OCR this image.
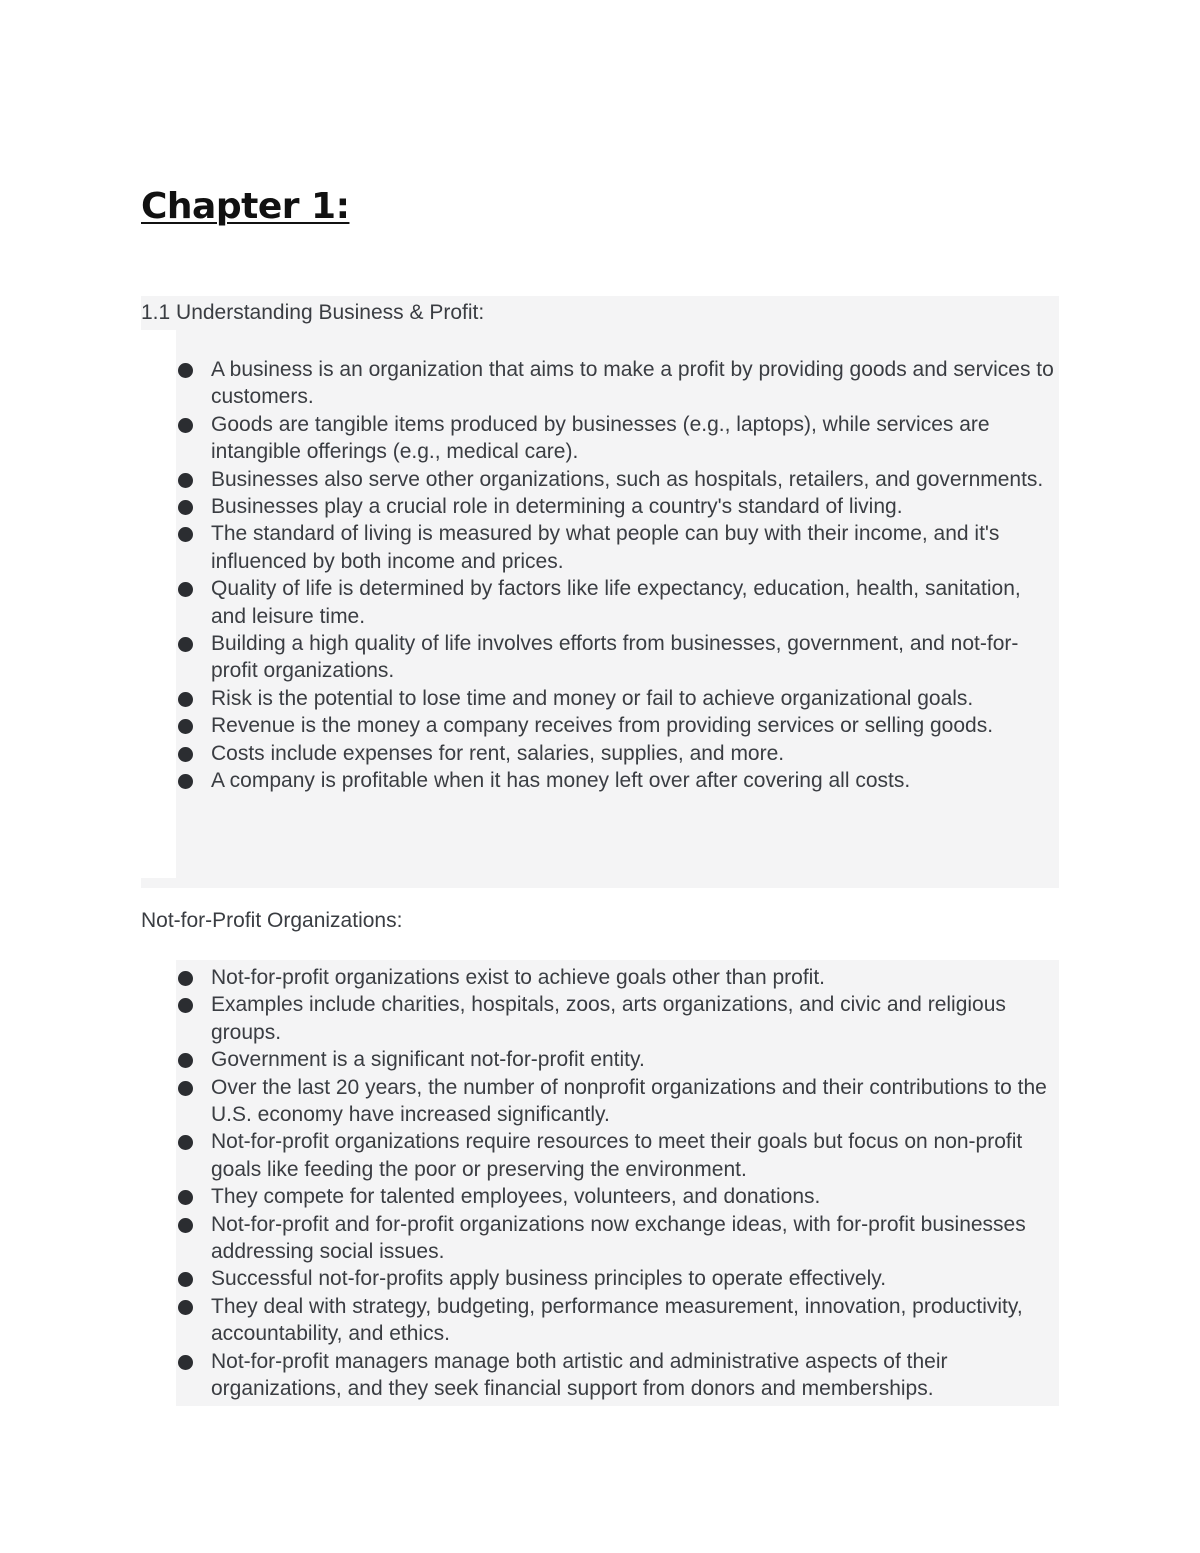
Chapter 1:
1.1 Understanding Business & Profit:
A business is an organization that aims to make a profit by providing goods and services to customers.
Goods are tangible items produced by businesses (e.g., laptops), while services are intangible offerings (e.g., medical care).
Businesses also serve other organizations, such as hospitals, retailers, and governments.
Businesses play a crucial role in determining a country's standard of living.
The standard of living is measured by what people can buy with their income, and it's influenced by both income and prices.
Quality of life is determined by factors like life expectancy, education, health, sanitation, and leisure time.
Building a high quality of life involves efforts from businesses, government, and not-for-profit organizations.
Risk is the potential to lose time and money or fail to achieve organizational goals.
Revenue is the money a company receives from providing services or selling goods.
Costs include expenses for rent, salaries, supplies, and more.
A company is profitable when it has money left over after covering all costs.
Not-for-Profit Organizations:
Not-for-profit organizations exist to achieve goals other than profit.
Examples include charities, hospitals, zoos, arts organizations, and civic and religious groups.
Government is a significant not-for-profit entity.
Over the last 20 years, the number of nonprofit organizations and their contributions to the U.S. economy have increased significantly.
Not-for-profit organizations require resources to meet their goals but focus on non-profit goals like feeding the poor or preserving the environment.
They compete for talented employees, volunteers, and donations.
Not-for-profit and for-profit organizations now exchange ideas, with for-profit businesses addressing social issues.
Successful not-for-profits apply business principles to operate effectively.
They deal with strategy, budgeting, performance measurement, innovation, productivity, accountability, and ethics.
Not-for-profit managers manage both artistic and administrative aspects of their organizations, and they seek financial support from donors and memberships.
